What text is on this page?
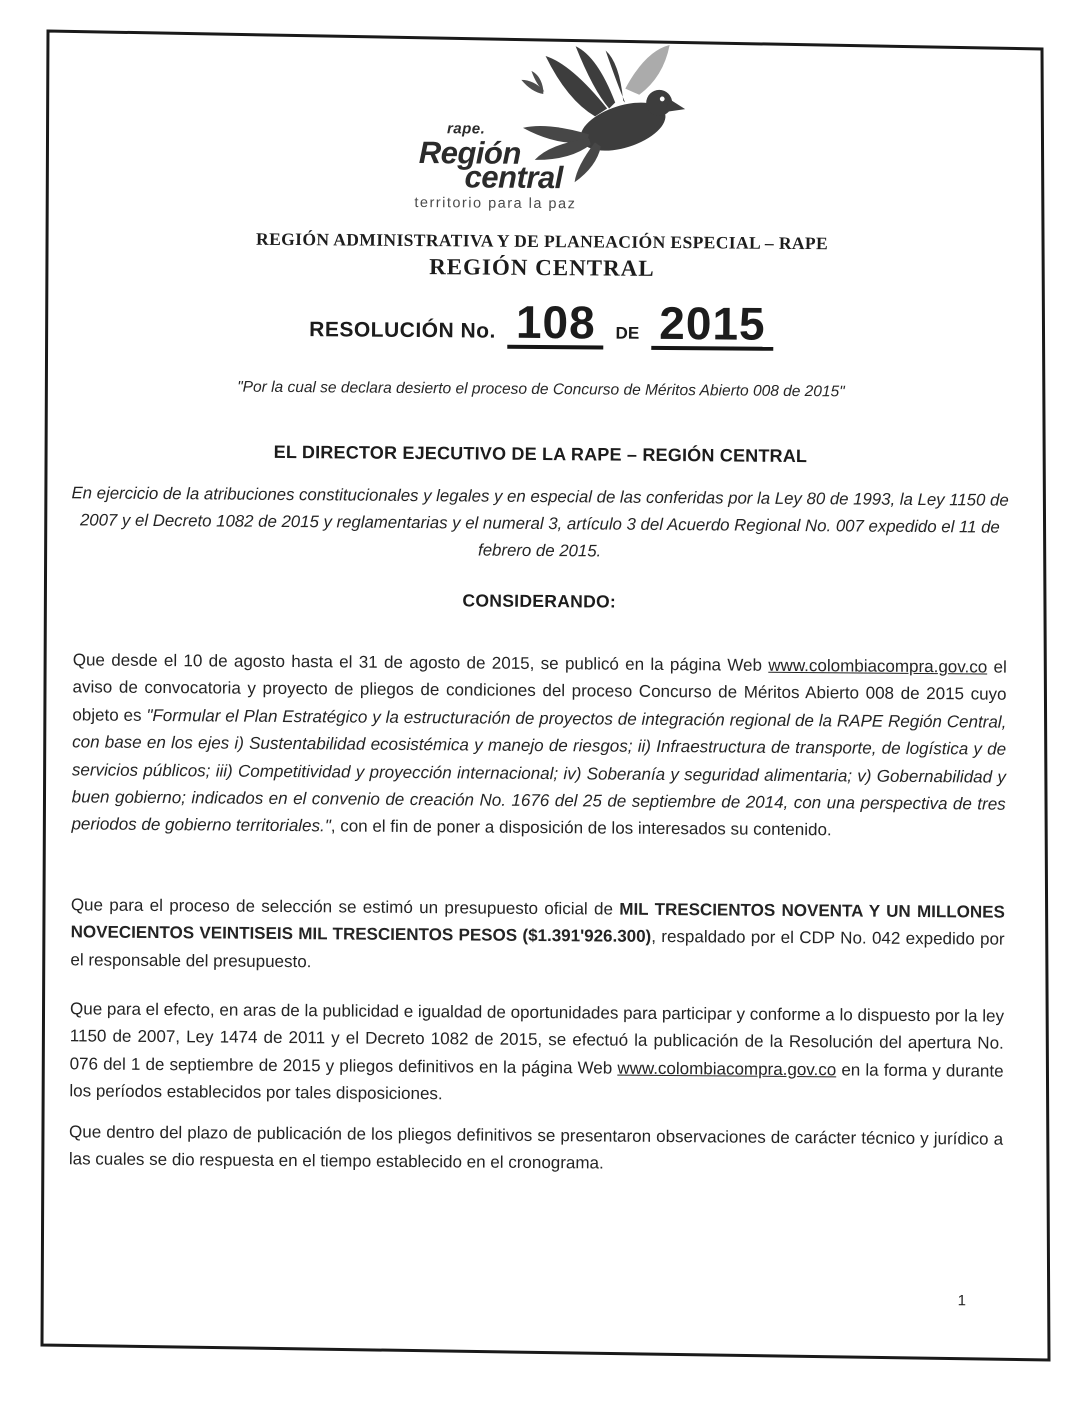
rape.
Región
central
territorio para la paz
REGIÓN ADMINISTRATIVA Y DE PLANEACIÓN ESPECIAL – RAPE
REGIÓN CENTRAL
RESOLUCIÓN No. 108	DE 2015
"Por la cual se declara desierto el proceso de Concurso de Méritos Abierto 008 de 2015"
EL DIRECTOR EJECUTIVO DE LA RAPE – REGIÓN CENTRAL
En ejercicio de la atribuciones constitucionales y legales y en especial de las conferidas por la Ley 80 de 1993, la Ley 1150 de 2007 y el Decreto 1082 de 2015 y reglamentarias y el numeral 3, artículo 3 del Acuerdo Regional No. 007 expedido el 11 de febrero de 2015.
CONSIDERANDO:

Que desde el 10 de agosto hasta el 31 de agosto de 2015, se publicó en la página Web www.colombiacompra.gov.co el aviso de convocatoria y proyecto de pliegos de condiciones del proceso Concurso de Méritos Abierto 008 de 2015 cuyo objeto es "Formular el Plan Estratégico y la estructuración de proyectos de integración regional de la RAPE Región Central, con base en los ejes i) Sustentabilidad ecosistémica y manejo de riesgos; ii) Infraestructura de transporte, de logística y de servicios públicos; iii) Competitividad y proyección internacional; iv) Soberanía y seguridad alimentaria; v) Gobernabilidad y buen gobierno; indicados en el convenio de creación No. 1676 del 25 de septiembre de 2014, con una perspectiva de tres periodos de gobierno territoriales.", con el fin de poner a disposición de los interesados su contenido.

Que para el proceso de selección se estimó un presupuesto oficial de MIL TRESCIENTOS NOVENTA Y UN MILLONES NOVECIENTOS VEINTISEIS MIL TRESCIENTOS PESOS ($1.391'926.300), respaldado por el CDP No. 042 expedido por el responsable del presupuesto.

Que para el efecto, en aras de la publicidad e igualdad de oportunidades para participar y conforme a lo dispuesto por la ley 1150 de 2007, Ley 1474 de 2011 y el Decreto 1082 de 2015, se efectuó la publicación de la Resolución del apertura No. 076 del 1 de septiembre de 2015 y pliegos definitivos en la página Web www.colombiacompra.gov.co en la forma y durante los períodos establecidos por tales disposiciones.

Que dentro del plazo de publicación de los pliegos definitivos se presentaron observaciones de carácter técnico y jurídico a las cuales se dio respuesta en el tiempo establecido en el cronograma.

1
